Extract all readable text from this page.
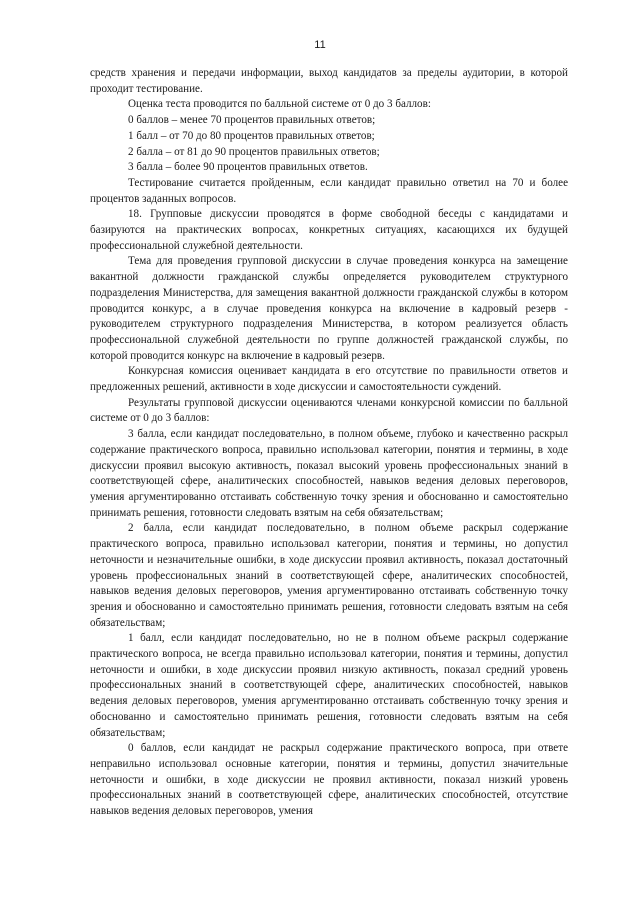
11

средств хранения и передачи информации, выход кандидатов за пределы аудитории, в которой проходит тестирование.

Оценка теста проводится по балльной системе от 0 до 3 баллов:

0 баллов – менее 70 процентов правильных ответов;

1 балл – от 70 до 80 процентов правильных ответов;

2 балла – от 81 до 90 процентов правильных ответов;

3 балла – более 90 процентов правильных ответов.

Тестирование считается пройденным, если кандидат правильно ответил на 70 и более процентов заданных вопросов.

18. Групповые дискуссии проводятся в форме свободной беседы с кандидатами и базируются на практических вопросах, конкретных ситуациях, касающихся их будущей профессиональной служебной деятельности.

Тема для проведения групповой дискуссии в случае проведения конкурса на замещение вакантной должности гражданской службы определяется руководителем структурного подразделения Министерства, для замещения вакантной должности гражданской службы в котором проводится конкурс, а в случае проведения конкурса на включение в кадровый резерв - руководителем структурного подразделения Министерства, в котором реализуется область профессиональной служебной деятельности по группе должностей гражданской службы, по которой проводится конкурс на включение в кадровый резерв.

Конкурсная комиссия оценивает кандидата в его отсутствие по правильности ответов и предложенных решений, активности в ходе дискуссии и самостоятельности суждений.

Результаты групповой дискуссии оцениваются членами конкурсной комиссии по балльной системе от 0 до 3 баллов:

3 балла, если кандидат последовательно, в полном объеме, глубоко и качественно раскрыл содержание практического вопроса, правильно использовал категории, понятия и термины, в ходе дискуссии проявил высокую активность, показал высокий уровень профессиональных знаний в соответствующей сфере, аналитических способностей, навыков ведения деловых переговоров, умения аргументированно отстаивать собственную точку зрения и обоснованно и самостоятельно принимать решения, готовности следовать взятым на себя обязательствам;

2 балла, если кандидат последовательно, в полном объеме раскрыл содержание практического вопроса, правильно использовал категории, понятия и термины, но допустил неточности и незначительные ошибки, в ходе дискуссии проявил активность, показал достаточный уровень профессиональных знаний в соответствующей сфере, аналитических способностей, навыков ведения деловых переговоров, умения аргументированно отстаивать собственную точку зрения и обоснованно и самостоятельно принимать решения, готовности следовать взятым на себя обязательствам;

1 балл, если кандидат последовательно, но не в полном объеме раскрыл содержание практического вопроса, не всегда правильно использовал категории, понятия и термины, допустил неточности и ошибки, в ходе дискуссии проявил низкую активность, показал средний уровень профессиональных знаний в соответствующей сфере, аналитических способностей, навыков ведения деловых переговоров, умения аргументированно отстаивать собственную точку зрения и обоснованно и самостоятельно принимать решения, готовности следовать взятым на себя обязательствам;

0 баллов, если кандидат не раскрыл содержание практического вопроса, при ответе неправильно использовал основные категории, понятия и термины, допустил значительные неточности и ошибки, в ходе дискуссии не проявил активности, показал низкий уровень профессиональных знаний в соответствующей сфере, аналитических способностей, отсутствие навыков ведения деловых переговоров, умения
